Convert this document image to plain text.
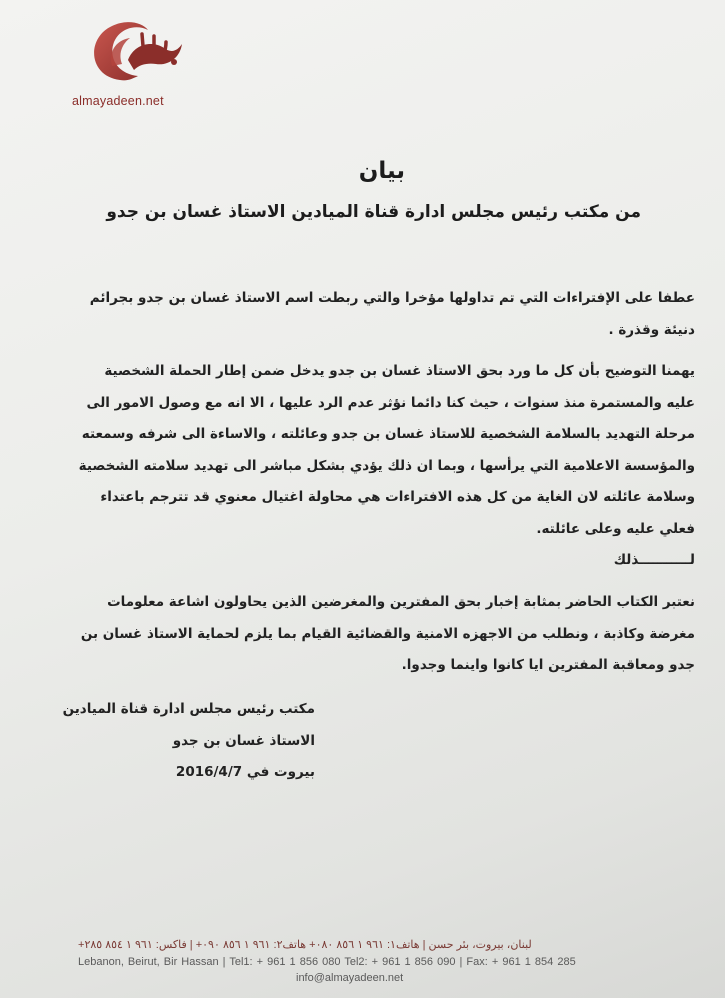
almayadeen.net
بيان
من مكتب رئيس مجلس ادارة قناة الميادين الاستاذ غسان بن جدو
عطفا على الإفتراءات التي تم تداولها مؤخرا والتي ربطت اسم الاستاذ غسان بن جدو بجرائم
دنيئة وقذرة .
يهمنا التوضيح بأن كل ما ورد بحق الاستاذ غسان بن جدو يدخل ضمن إطار الحملة الشخصية
عليه والمستمرة منذ سنوات ، حيث كنا دائما نؤثر عدم الرد عليها ، الا انه مع وصول الامور الى
مرحلة التهديد بالسلامة الشخصية للاستاذ غسان بن جدو وعائلته ، والاساءة الى شرفه وسمعته
والمؤسسة الاعلامية التي يرأسها ، وبما ان ذلك يؤدي بشكل مباشر الى تهديد سلامته الشخصية
وسلامة عائلته لان الغاية من كل هذه الافتراءات هي محاولة اغتيال معنوي قد تترجم باعتداء
فعلي عليه وعلى عائلته.
لـــــــــــذلك
نعتبر الكتاب الحاضر بمثابة إخبار بحق المفترين والمغرضين الذين يحاولون اشاعة معلومات
مغرضة وكاذبة ، ونطلب من الاجهزه الامنية والقضائية القيام بما يلزم لحماية الاستاذ غسان بن
جدو ومعاقبة المفترين ايا كانوا واينما وجدوا.
مكتب رئيس مجلس ادارة قناة الميادين
الاستاذ غسان بن جدو
بيروت في 2016/4/7
لبنان، بيروت، بئر حسن | هاتف١: ٩٦١ ١ ٨٥٦ ٠٨٠+ هاتف٢: ٩٦١ ١ ٨٥٦ ٠٩٠+ | فاكس: ٩٦١ ١ ٨٥٤ ٢٨٥+
Lebanon, Beirut, Bir Hassan | Tel1: + 961 1 856 080 Tel2: + 961 1 856 090 | Fax: + 961 1 854 285
info@almayadeen.net
